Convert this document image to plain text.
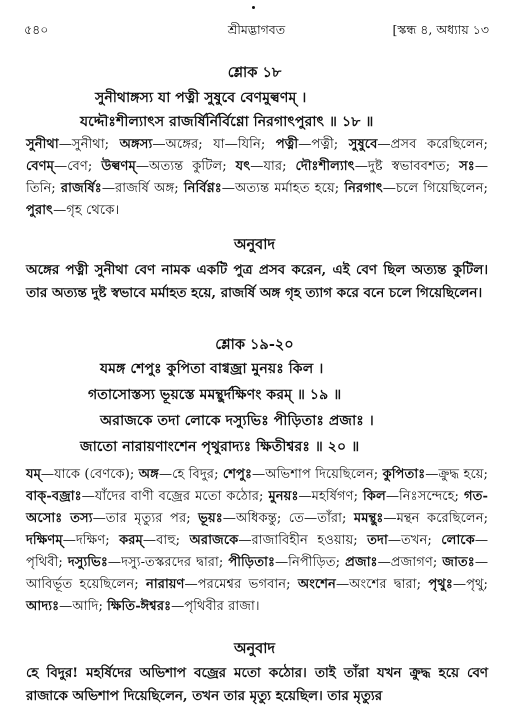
৫৪০	শ্রীমদ্ভাগবত	[স্কন্ধ ৪, অধ্যায় ১৩
শ্লোক ১৮
সুনীথাঙ্গস্য যা পত্নী সুষুবে বেণমুল্বণম্‌ ।
যদ্দৌঃশীল্যাৎস রাজর্ষির্নির্বিণ্ণো নিরগাৎপুরাৎ ॥ ১৮ ॥
সুনীথা—সুনীথা; অঙ্গস্য—অঙ্গের; যা—যিনি; পত্নী—পত্নী; সুষুবে—প্রসব করেছিলেন; বেণম্‌—বেণ; উল্বণম্‌—অত্যন্ত কুটিল; যৎ—যার; দৌঃশীল্যাৎ—দুষ্ট স্বভাববশত; সঃ—তিনি; রাজর্ষিঃ—রাজর্ষি অঙ্গ; নির্বিণ্ণঃ—অত্যন্ত মর্মাহত হয়ে; নিরগাৎ—চলে গিয়েছিলেন; পুরাৎ—গৃহ থেকে।
অনুবাদ
অঙ্গের পত্নী সুনীথা বেণ নামক একটি পুত্র প্রসব করেন, এই বেণ ছিল অত্যন্ত কুটিল। তার অত্যন্ত দুষ্ট স্বভাবে মর্মাহত হয়ে, রাজর্ষি অঙ্গ গৃহ ত্যাগ করে বনে চলে গিয়েছিলেন।
শ্লোক ১৯-২০
যমঙ্গ শেপুঃ কুপিতা বাগ্বজ্রা মুনয়ঃ কিল ।
গতাসোস্তস্য ভূয়স্তে মমন্থুর্দক্ষিণং করম্‌ ॥ ১৯ ॥
অরাজকে তদা লোকে দস্যুভিঃ পীড়িতাঃ প্রজাঃ ।
জাতো নারায়ণাংশেন পৃথুরাদ্যঃ ক্ষিতীশ্বরঃ ॥ ২০ ॥
যম্‌—যাকে (বেণকে); অঙ্গ—হে বিদুর; শেপুঃ—অভিশাপ দিয়েছিলেন; কুপিতাঃ—ক্রুদ্ধ হয়ে; বাক্‌-বজ্রাঃ—যাঁদের বাণী বজ্রের মতো কঠোর; মুনয়ঃ—মহর্ষিগণ; কিল—নিঃসন্দেহে; গত-অসোঃ তস্য—তার মৃত্যুর পর; ভূয়ঃ—অধিকন্তু; তে—তাঁরা; মমন্থুঃ—মন্থন করেছিলেন; দক্ষিণম্‌—দক্ষিণ; করম্‌—বাহু; অরাজকে—রাজাবিহীন হওয়ায়; তদা—তখন; লোকে—পৃথিবী; দস্যুভিঃ—দস্যু-তস্করদের দ্বারা; পীড়িতাঃ—নিপীড়িত; প্রজাঃ—প্রজাগণ; জাতঃ—আবির্ভূত হয়েছিলেন; নারায়ণ—পরমেশ্বর ভগবান; অংশেন—অংশের দ্বারা; পৃথুঃ—পৃথু; আদ্যঃ—আদি; ক্ষিতি-ঈশ্বরঃ—পৃথিবীর রাজা।
অনুবাদ
হে বিদুর! মহর্ষিদের অভিশাপ বজ্রের মতো কঠোর। তাই তাঁরা যখন ক্রুদ্ধ হয়ে বেণ রাজাকে অভিশাপ দিয়েছিলেন, তখন তার মৃত্যু হয়েছিল। তার মৃত্যুর
